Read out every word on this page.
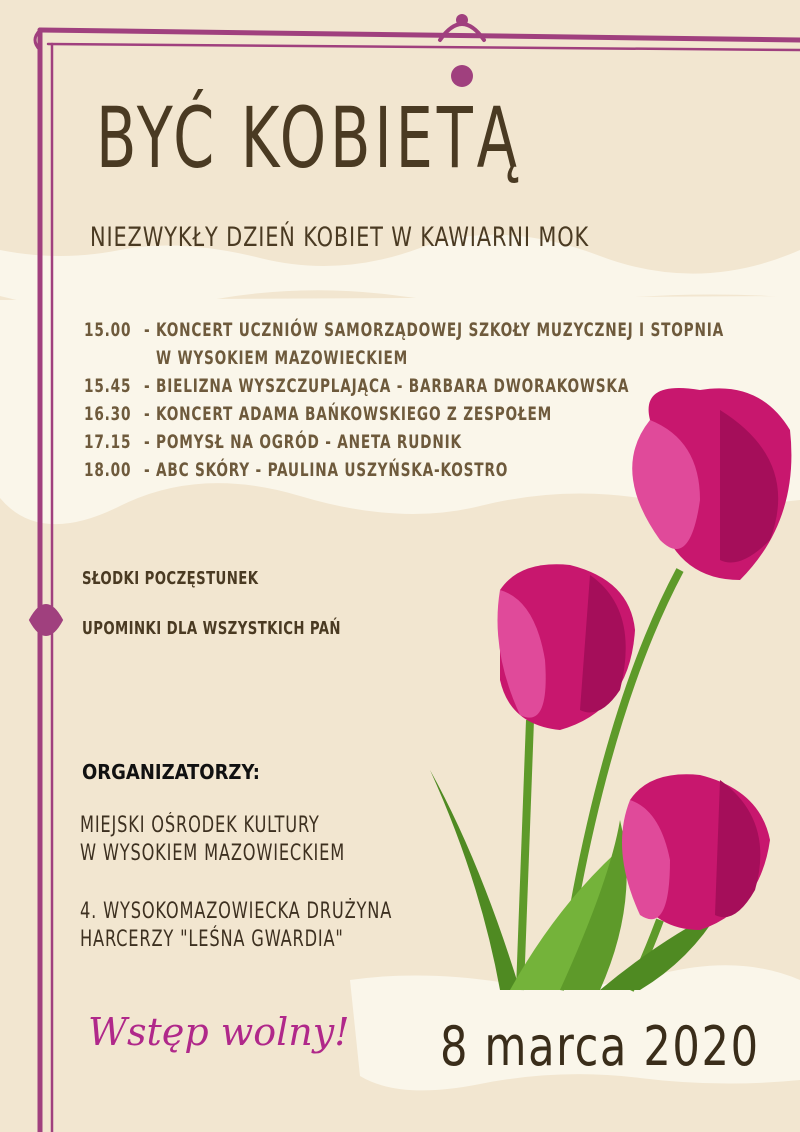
BYĆ KOBIETĄ
NIEZWYKŁY DZIEŃ KOBIET W KAWIARNI MOK
15.00 - KONCERT UCZNIÓW SAMORZĄDOWEJ SZKOŁY MUZYCZNEJ I STOPNIA
W WYSOKIEM MAZOWIECKIEM
15.45 - BIELIZNA WYSZCZUPLAJĄCA - BARBARA DWORAKOWSKA
16.30 - KONCERT ADAMA BAŃKOWSKIEGO Z ZESPOŁEM
17.15 - POMYSŁ NA OGRÓD - ANETA RUDNIK
18.00 - ABC SKÓRY - PAULINA USZYŃSKA-KOSTRO
SŁODKI POCZĘSTUNEK
UPOMINKI DLA WSZYSTKICH PAŃ
ORGANIZATORZY:
MIEJSKI OŚRODEK KULTURY
W WYSOKIEM MAZOWIECKIEM
4. WYSOKOMAZOWIECKA DRUŻYNA
HARCERZY "LEŚNA GWARDIA"
Wstęp wolny! 8 marca 2020
